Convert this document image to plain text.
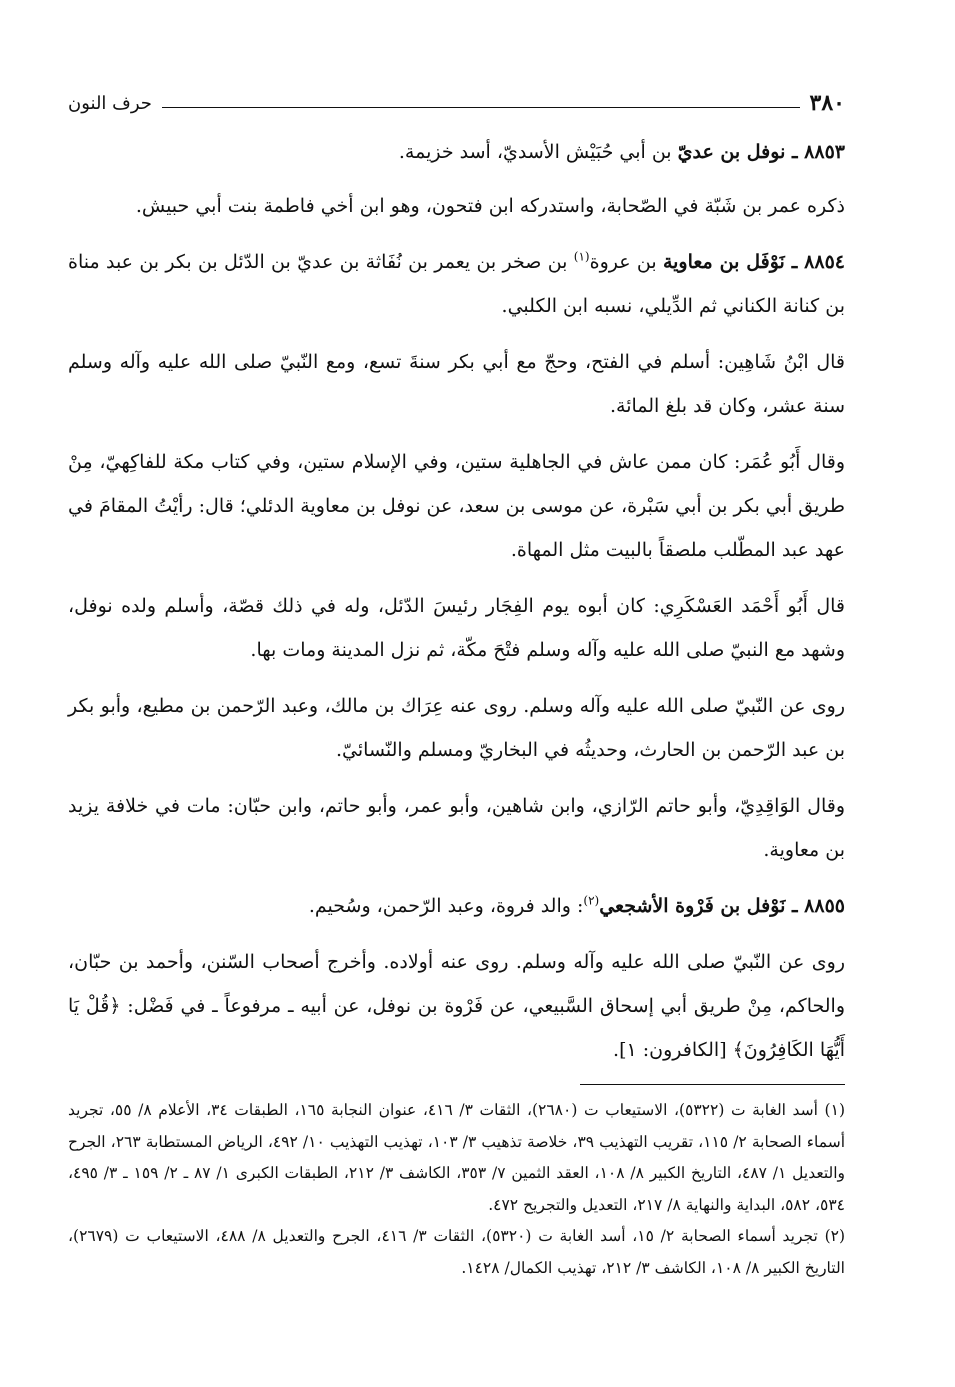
٣٨٠
حرف النون

٨٨٥٣ ـ نوفل بن عديّ بن أبي حُبَيْش الأسديّ، أسد خزيمة.

ذكره عمر بن شَبّة في الصّحابة، واستدركه ابن فتحون، وهو ابن أخي فاطمة بنت أبي حبيش.

٨٨٥٤ ـ نَوْفَل بن معاوية بن عروة$^{(١)}$ بن صخر بن يعمر بن نُفَاثة بن عديّ بن الدّئل بن بكر بن عبد مناة بن كنانة الكناني ثم الدِّيلي، نسبه ابن الكلبي.

قال ابْنُ شَاهِين: أسلم في الفتح، وحجّ مع أبي بكر سنةَ تسع، ومع النّبيّ صلى الله عليه وآله وسلم سنة عشر، وكان قد بلغ المائة.

وقال أَبُو عُمَر: كان ممن عاش في الجاهلية ستين، وفي الإسلام ستين، وفي كتاب مكة للفاكِهيّ، مِنْ طريق أبي بكر بن أبي سَبْرة، عن موسى بن سعد، عن نوفل بن معاوية الدئلي؛ قال: رأيْتُ المقامَ في عهد عبد المطّلب ملصقاً بالبيت مثل المهاة.

قال أَبُو أَحْمَد العَسْكَرِي: كان أبوه يوم الفِجَار رئيسَ الدّئل، وله في ذلك قصّة، وأسلم ولده نوفل، وشهد مع النبيّ صلى الله عليه وآله وسلم فتْحَ مكّة، ثم نزل المدينة ومات بها.

روى عن النّبيّ صلى الله عليه وآله وسلم. روى عنه عِرَاك بن مالك، وعبد الرّحمن بن مطيع، وأبو بكر بن عبد الرّحمن بن الحارث، وحديثُه في البخاريّ ومسلم والنّسائيّ.

وقال الوَاقِدِيّ، وأبو حاتم الرّازي، وابن شاهين، وأبو عمر، وأبو حاتم، وابن حبّان: مات في خلافة يزيد بن معاوية.

٨٨٥٥ ـ نَوْفل بن فَرْوة الأشجعي$^{(٢)}$: والد فروة، وعبد الرّحمن، وسُحيم.

روى عن النّبيّ صلى الله عليه وآله وسلم. روى عنه أولاده. وأخرج أصحاب السّنن، وأحمد بن حبّان، والحاكم، مِنْ طريق أبي إسحاق السَّبيعي، عن فَرْوة بن نوفل، عن أبيه ـ مرفوعاً ـ في فَضْل: ﴿قُلْ يَا أَيُّهَا الكَافِرُونَ﴾ [الكافرون: ١].

(١) أسد الغابة ت (٥٣٢٢)، الاستيعاب ت (٢٦٨٠)، الثقات ٣/ ٤١٦، عنوان النجابة ١٦٥، الطبقات ٣٤، الأعلام ٨/ ٥٥، تجريد أسماء الصحابة ٢/ ١١٥، تقريب التهذيب ٣٩، خلاصة تذهيب ٣/ ١٠٣، تهذيب التهذيب ١٠/ ٤٩٢، الرياض المستطابة ٢٦٣، الجرح والتعديل ١/ ٤٨٧، التاريخ الكبير ٨/ ١٠٨، العقد الثمين ٧/ ٣٥٣، الكاشف ٣/ ٢١٢، الطبقات الكبرى ١/ ٨٧ ـ ٢/ ١٥٩ ـ ٣/ ٤٩٥، ٥٣٤، ٥٨٢، البداية والنهاية ٨/ ٢١٧، التعديل والتجريح ٤٧٢.

(٢) تجريد أسماء الصحابة ٢/ ١٥، أسد الغابة ت (٥٣٢٠)، الثقات ٣/ ٤١٦، الجرح والتعديل ٨/ ٤٨٨، الاستيعاب ت (٢٦٧٩)، التاريخ الكبير ٨/ ١٠٨، الكاشف ٣/ ٢١٢، تهذيب الكمال/ ١٤٢٨.
